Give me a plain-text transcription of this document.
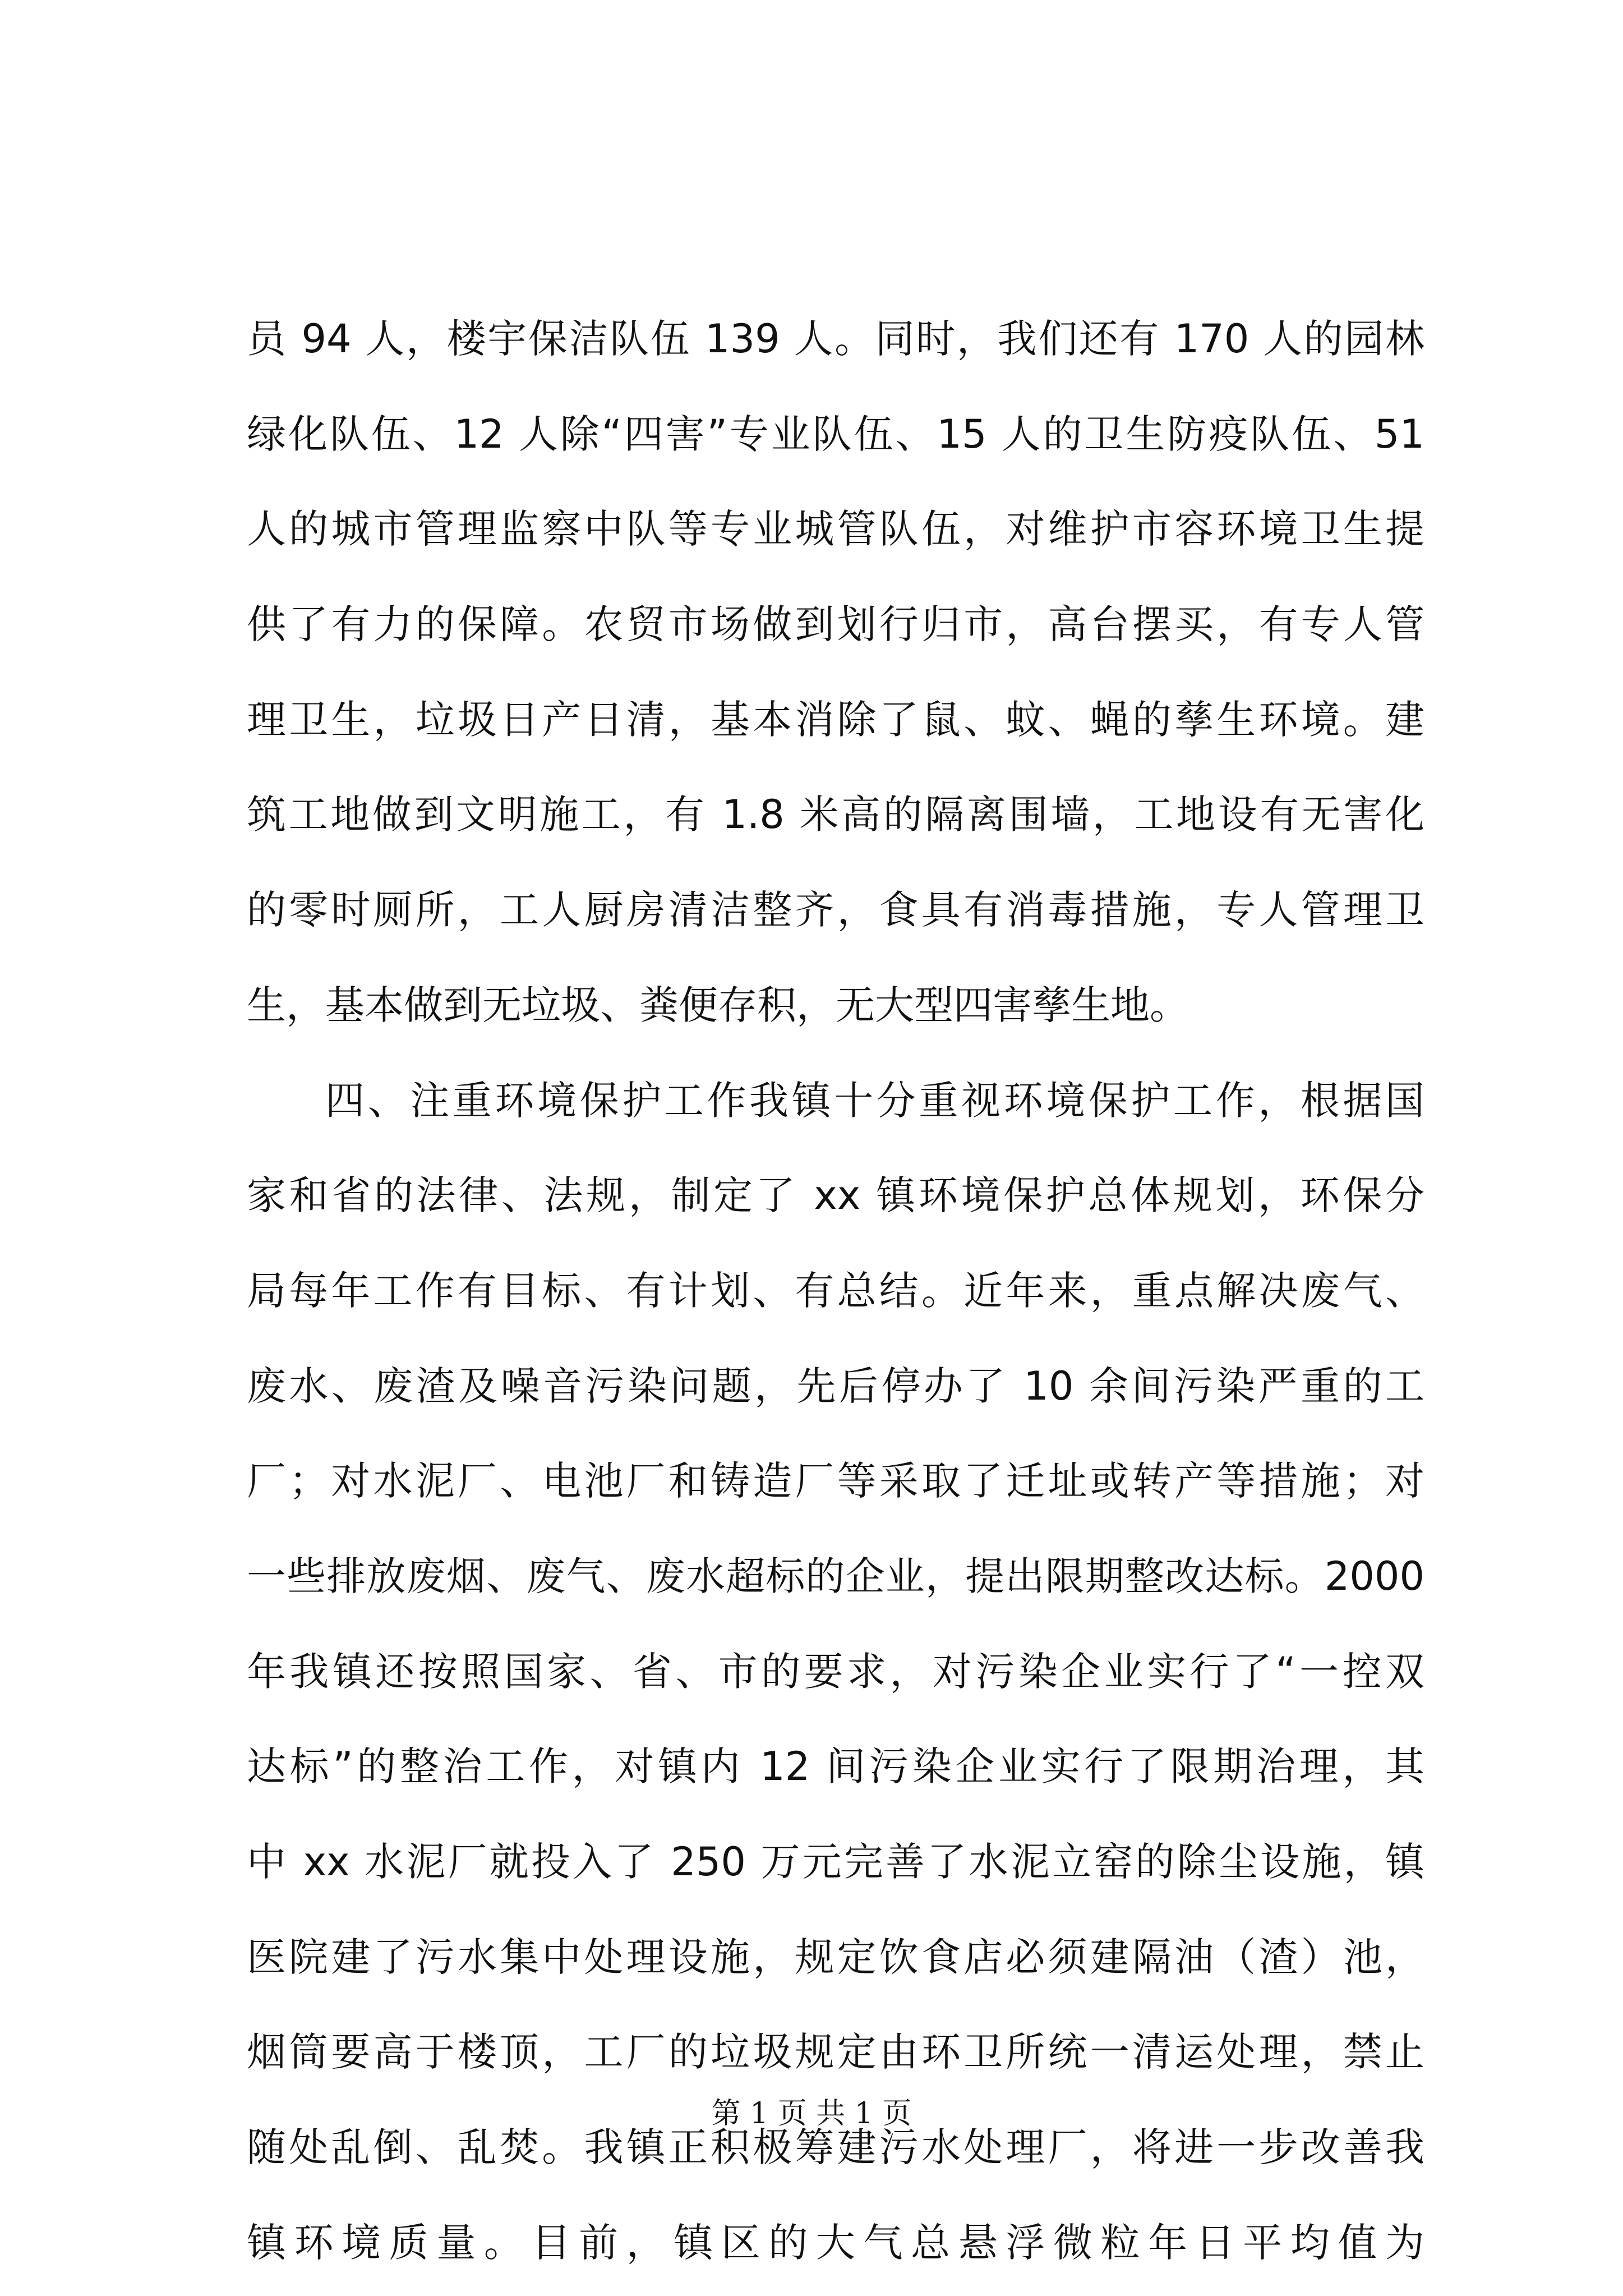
员 94 人，楼宇保洁队伍 139 人。同时，我们还有 170 人的园林
绿化队伍、12 人除“四害”专业队伍、15 人的卫生防疫队伍、51
人的城市管理监察中队等专业城管队伍，对维护市容环境卫生提
供了有力的保障。农贸市场做到划行归市，高台摆买，有专人管
理卫生，垃圾日产日清，基本消除了鼠、蚊、蝇的孳生环境。建
筑工地做到文明施工，有 1.8 米高的隔离围墙，工地设有无害化
的零时厕所，工人厨房清洁整齐，食具有消毒措施，专人管理卫
生，基本做到无垃圾、粪便存积，无大型四害孳生地。
四、注重环境保护工作我镇十分重视环境保护工作，根据国
家和省的法律、法规，制定了 xx 镇环境保护总体规划，环保分
局每年工作有目标、有计划、有总结。近年来，重点解决废气、
废水、废渣及噪音污染问题，先后停办了 10 余间污染严重的工
厂；对水泥厂、电池厂和铸造厂等采取了迁址或转产等措施；对
一些排放废烟、废气、废水超标的企业，提出限期整改达标。2000
年我镇还按照国家、省、市的要求，对污染企业实行了“一控双
达标”的整治工作，对镇内 12 间污染企业实行了限期治理，其
中 xx 水泥厂就投入了 250 万元完善了水泥立窑的除尘设施，镇
医院建了污水集中处理设施，规定饮食店必须建隔油（渣）池，
烟筒要高于楼顶，工厂的垃圾规定由环卫所统一清运处理，禁止
随处乱倒、乱焚。我镇正积极筹建污水处理厂，将进一步改善我
镇环境质量。目前，镇区的大气总悬浮微粒年日平均值为
第 1 页 共 1 页
